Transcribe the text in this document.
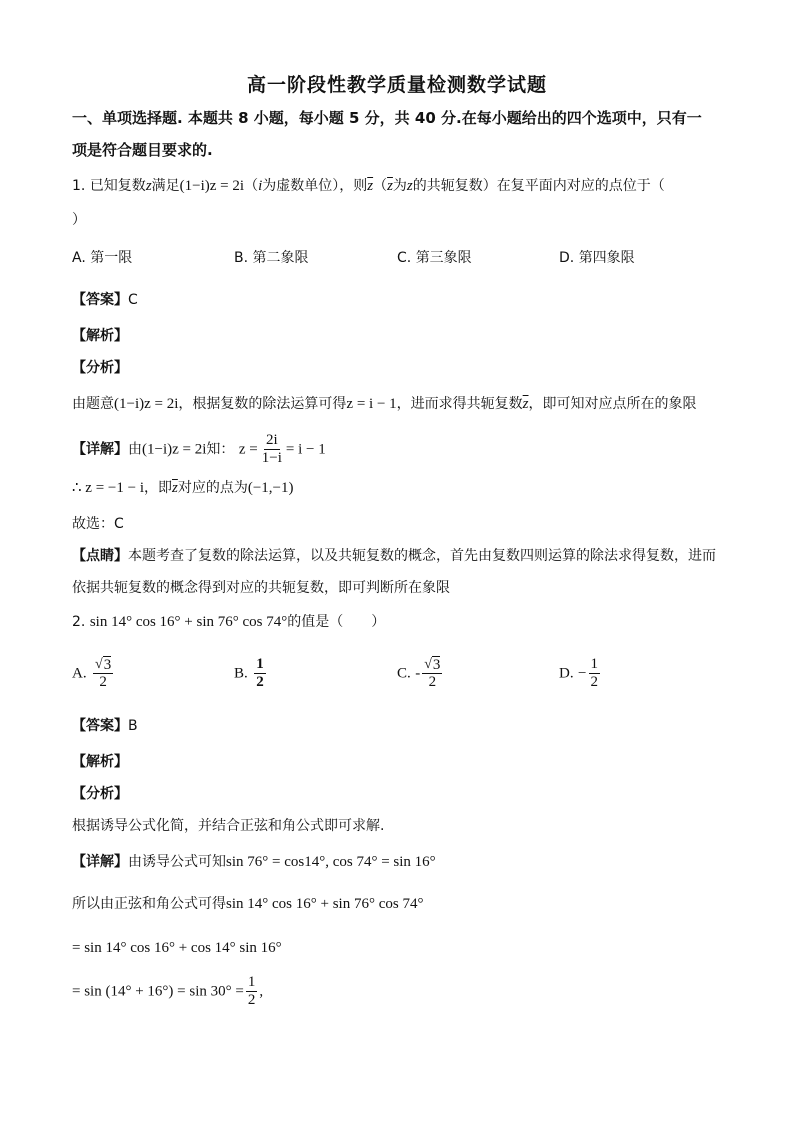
高一阶段性教学质量检测数学试题
一、单项选择题. 本题共 8 小题，每小题 5 分，共 40 分.在每小题给出的四个选项中，只有一
项是符合题目要求的.
1. 已知复数z满足(1−i)z = 2i（i为虚数单位），则$\overline{z}(\overline{z}$为z的共轭复数）在复平面内对应的点位于（
）
A. 第一限	B. 第二象限	C. 第三象限	D. 第四象限
【答案】C
【解析】
【分析】
由题意(1−i)z = 2i，根据复数的除法运算可得z = i − 1，进而求得共轭复数$\overline{z}$，即可知对应点所在的象限
【详解】由(1−i)z = 2i知： $z = \frac{2i}{1-i} = i - 1$
∴ z = −1 − i，即$\overline{z}$对应的点为(−1,−1)
故选：C
【点睛】本题考查了复数的除法运算，以及共轭复数的概念，首先由复数四则运算的除法求得复数，进而
依据共轭复数的概念得到对应的共轭复数，即可判断所在象限
2. sin 14° cos 16° + sin 76° cos 74°的值是（　　）
A. $\frac{√ 3}{2}$	B. $\frac{1}{2}$	C. - $\frac{√ 3}{2}$	D. − $\frac{1}{2}$
【答案】B
【解析】
【分析】
根据诱导公式化简，并结合正弦和角公式即可求解.
【详解】由诱导公式可知sin 76° = cos14°, cos 74° = sin 16°
所以由正弦和角公式可得sin 14° cos 16° + sin 76° cos 74°
= sin 14° cos 16° + cos 14° sin 16°
= $\sin (14^\circ + 16^\circ) = \sin 30^\circ = \frac{1}{2}$ ,
